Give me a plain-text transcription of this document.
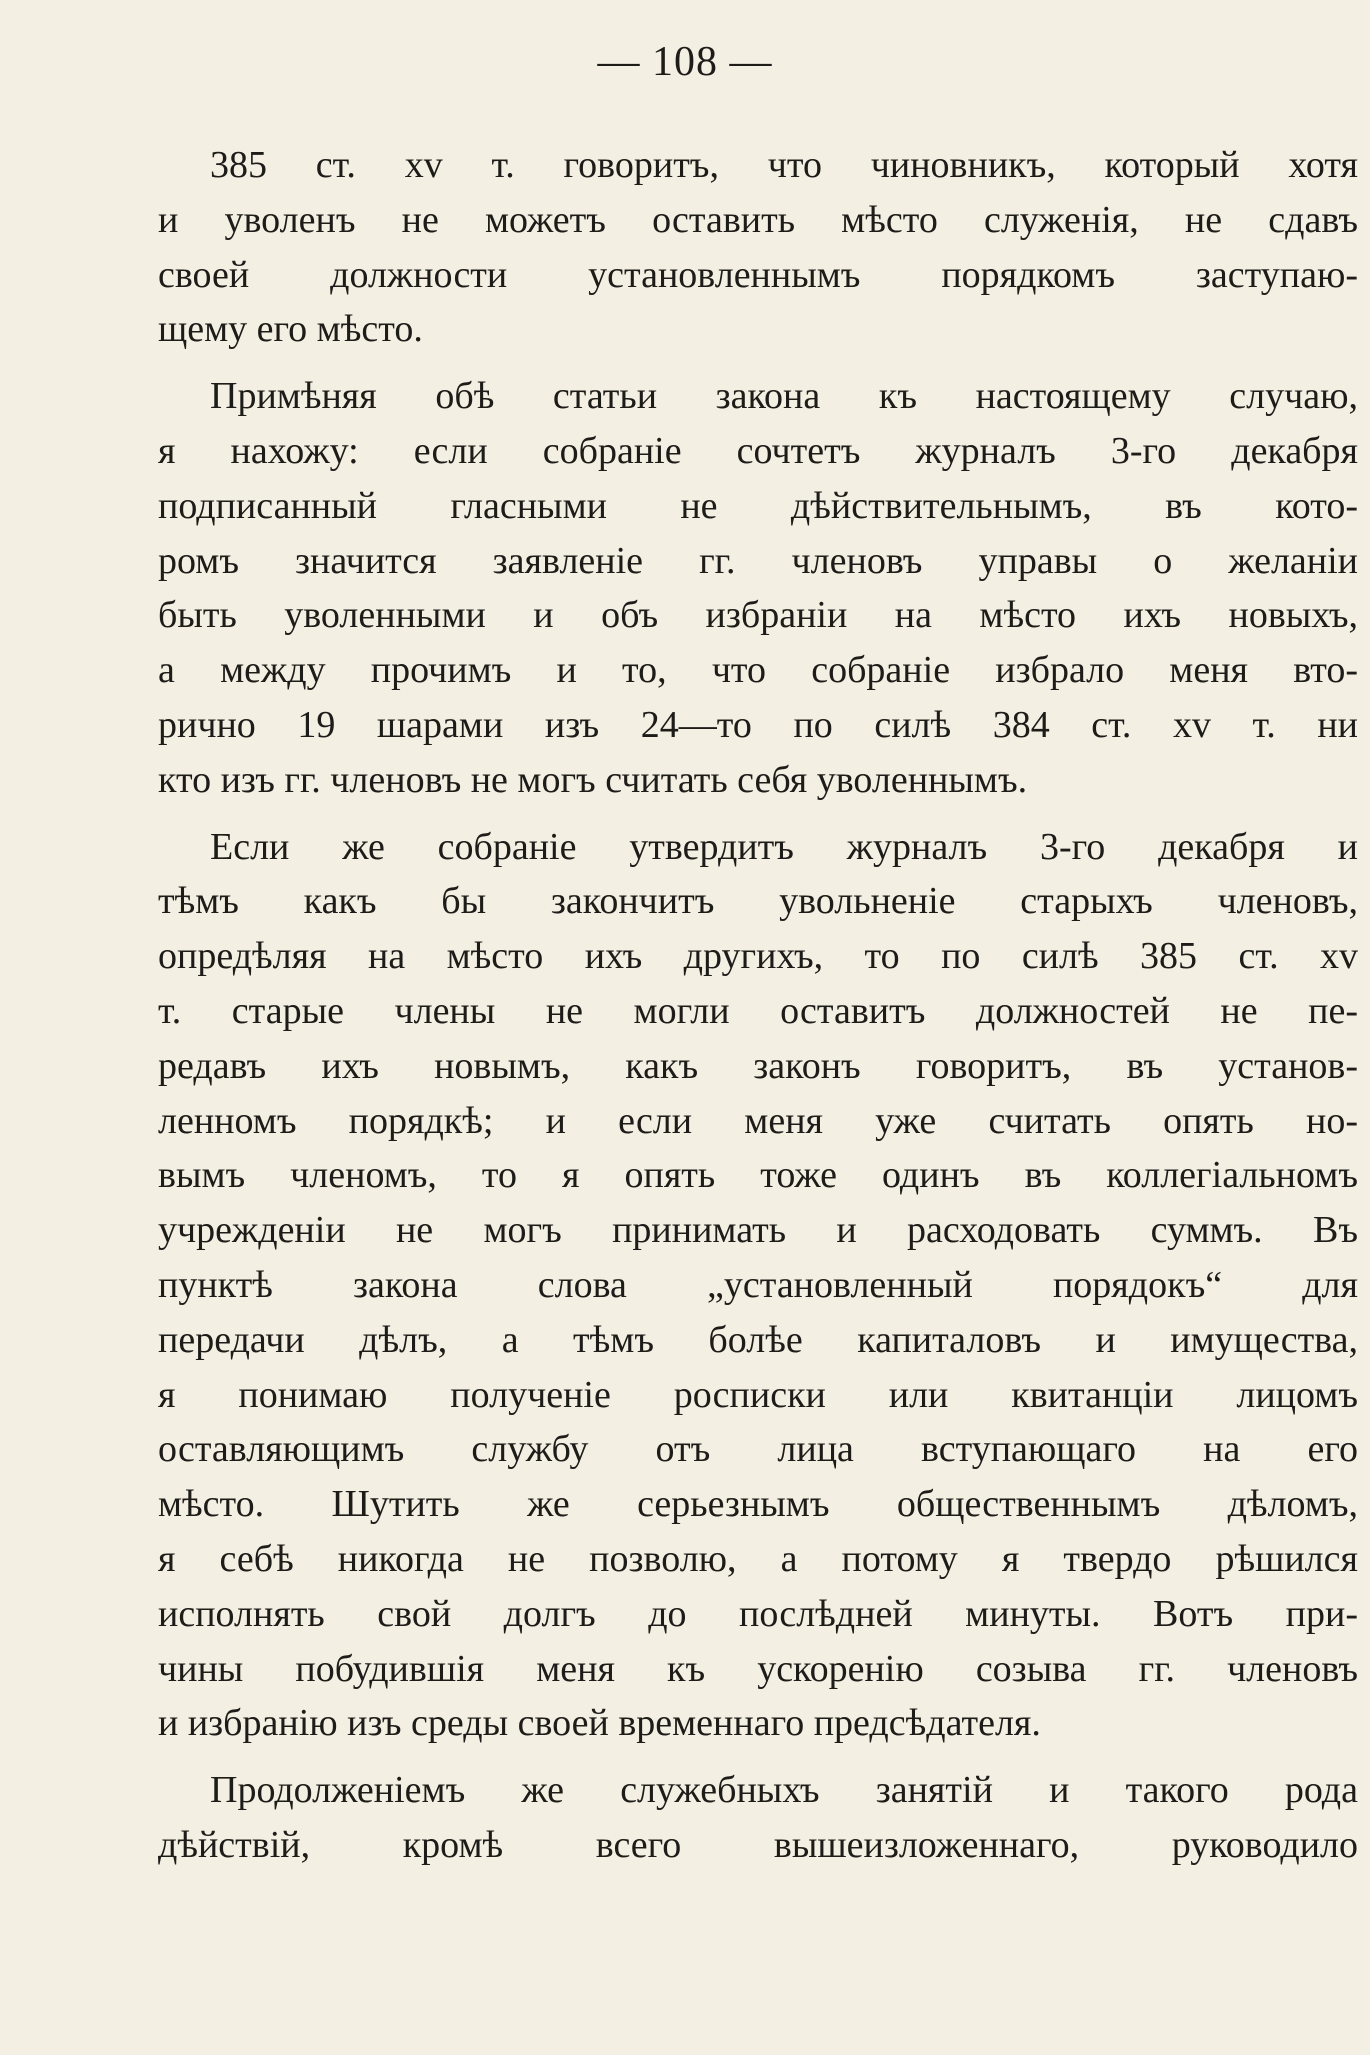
— 108 —
385 ст. xv т. говоритъ, что чиновникъ, который хотя
и уволенъ не можетъ оставить мѣсто служенія, не сдавъ
своей должности установленнымъ порядкомъ заступаю-
щему его мѣсто.
Примѣняя обѣ статьи закона къ настоящему случаю,
я нахожу: если собраніе сочтетъ журналъ 3-го декабря
подписанный гласными не дѣйствительнымъ, въ кото-
ромъ значится заявленіе гг. членовъ управы о желаніи
быть уволенными и объ избраніи на мѣсто ихъ новыхъ,
а между прочимъ и то, что собраніе избрало меня вто-
рично 19 шарами изъ 24—то по силѣ 384 ст. xv т. ни
кто изъ гг. членовъ не могъ считать себя уволеннымъ.
Если же собраніе утвердитъ журналъ 3-го декабря и
тѣмъ какъ бы закончитъ увольненіе старыхъ членовъ,
опредѣляя на мѣсто ихъ другихъ, то по силѣ 385 ст. xv
т. старые члены не могли оставитъ должностей не пе-
редавъ ихъ новымъ, какъ законъ говоритъ, въ установ-
ленномъ порядкѣ; и если меня уже считать опять но-
вымъ членомъ, то я опять тоже одинъ въ коллегіальномъ
учрежденіи не могъ принимать и расходовать суммъ. Въ
пунктѣ закона слова „установленный порядокъ“ для
передачи дѣлъ, а тѣмъ болѣе капиталовъ и имущества,
я понимаю полученіе росписки или квитанціи лицомъ
оставляющимъ службу отъ лица вступающаго на его
мѣсто. Шутить же серьезнымъ общественнымъ дѣломъ,
я себѣ никогда не позволю, а потому я твердо рѣшился
исполнять свой долгъ до послѣдней минуты. Вотъ при-
чины побудившія меня къ ускоренію созыва гг. членовъ
и избранію изъ среды своей временнаго предсѣдателя.
Продолженіемъ же служебныхъ занятій и такого рода
дѣйствій, кромѣ всего вышеизложеннаго, руководило
